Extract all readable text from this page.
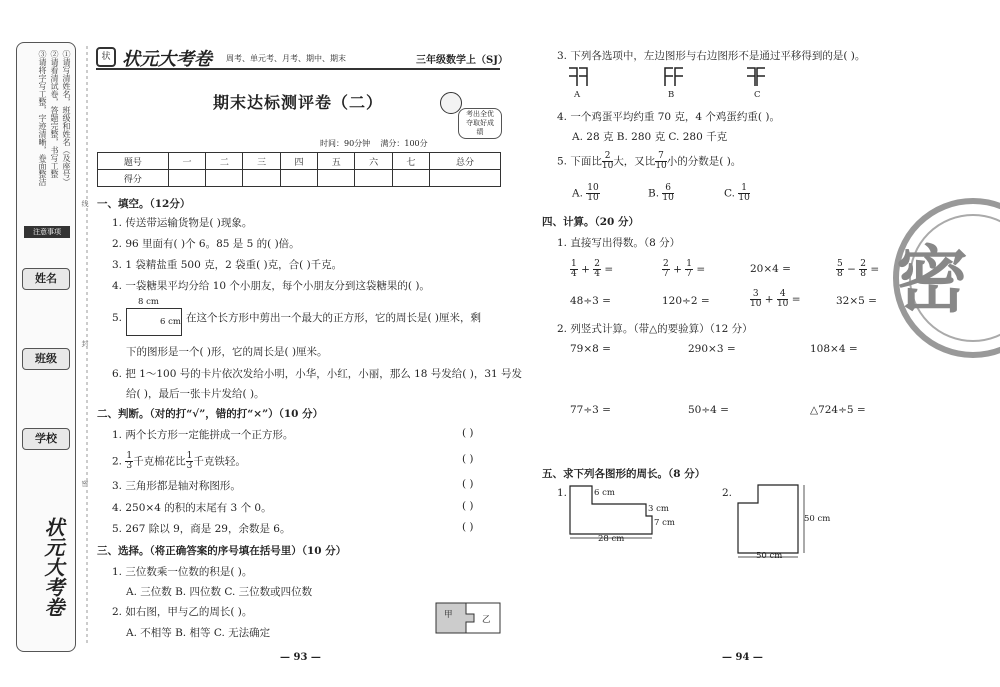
①请写清姓名，班级和姓名（及座号）
②请看清试卷，答题完整，书写工整
③请将字写工整，字迹清晰，卷面整洁
注意事项
姓名
班级
学校
状元大考卷
线
封
密
状 状元大考卷 周考、单元考、月考、期中、期末	三年级数学上（SJ）
期末达标测评卷（二）
考出全优 夺取好成绩
时间：90分钟 满分：100分
题号	一	二	三	四	五	六	七	总分
得分								
一、填空。（12分）
1. 传送带运输货物是( )现象。
2. 96 里面有( )个 6。85 是 5 的( )倍。
3. 1 袋精盐重 500 克，2 袋重( )克，合( )千克。
4. 一袋糖果平均分给 10 个小朋友，每个小朋友分到这袋糖果的( )。
5.
8 cm
6 cm 在这个长方形中剪出一个最大的正方形，它的周长是( )厘米，剩
下的图形是一个( )形，它的周长是( )厘米。
6. 把 1～100 号的卡片依次发给小明，小华，小红，小丽，那么 18 号发给( )，31 号发
给( )，最后一张卡片发给( )。
二、判断。（对的打“√”，错的打“×”）（10 分）
1. 两个长方形一定能拼成一个正方形。	( )
2. $\frac{1}{3}$ 千克棉花比 $\frac{1}{3}$ 千克铁轻。	( )
3. 三角形都是轴对称图形。	( )
4. 250×4 的积的末尾有 3 个 0。	( )
5. 267 除以 9，商是 29，余数是 6。	( )
三、选择。（将正确答案的序号填在括号里）（10 分）
1. 三位数乘一位数的积是( )。
A. 三位数 B. 四位数 C. 三位数或四位数
2. 如右图，甲与乙的周长( )。
A. 不相等 B. 相等 C. 无法确定
甲	乙
— 93 —
3. 下列各选项中，左边图形与右边图形不是通过平移得到的是( )。
A	B	C
4. 一个鸡蛋平均约重 70 克，4 个鸡蛋约重( )。
A. 28 克 B. 280 克 C. 280 千克
5. 下面比 $\frac{2}{10}$ 大，又比 $\frac{7}{10}$ 小的分数是( )。
A. $\frac{10}{10}$	B. $\frac{6}{10}$	C. $\frac{1}{10}$
四、计算。（20 分）
1. 直接写出得数。（8 分）
$\frac{1}{4} + \frac{2}{4}$ =	$\frac{2}{7} + \frac{1}{7}$ =	20×4 =	$\frac{5}{8} - \frac{2}{8}$ =
48÷3 =	120÷2 =	$\frac{3}{10} + \frac{4}{10}$ =	32×5 =
2. 列竖式计算。（带△的要验算）（12 分）
79×8 =	290×3 =	108×4 =
77÷3 =	50÷4 =	△724÷5 =
五、求下列各图形的周长。（8 分）
1.	6 cm
3 cm
7 cm
28 cm
2.
50 cm
50 cm
— 94 —
密
